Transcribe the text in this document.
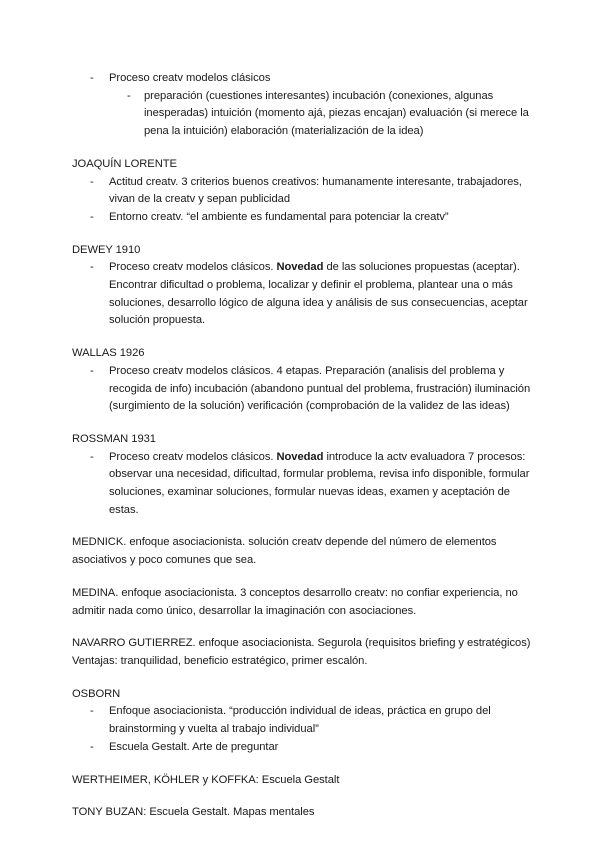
- Proceso creatv modelos clásicos
- preparación (cuestiones interesantes) incubación (conexiones, algunas inesperadas) intuición (momento ajá, piezas encajan) evaluación (si merece la pena la intuición) elaboración (materialización de la idea)
JOAQUÍN LORENTE
- Actitud creatv. 3 criterios buenos creativos: humanamente interesante, trabajadores, vivan de la creatv y sepan publicidad
- Entorno creatv. “el ambiente es fundamental para potenciar la creatv”
DEWEY 1910
- Proceso creatv modelos clásicos. Novedad de las soluciones propuestas (aceptar). Encontrar dificultad o problema, localizar y definir el problema, plantear una o más soluciones, desarrollo lógico de alguna idea y análisis de sus consecuencias, aceptar solución propuesta.
WALLAS 1926
- Proceso creatv modelos clásicos. 4 etapas. Preparación (analisis del problema y recogida de info) incubación (abandono puntual del problema, frustración) iluminación (surgimiento de la solución) verificación (comprobación de la validez de las ideas)
ROSSMAN 1931
- Proceso creatv modelos clásicos. Novedad introduce la actv evaluadora 7 procesos: observar una necesidad, dificultad, formular problema, revisa info disponible, formular soluciones, examinar soluciones, formular nuevas ideas, examen y aceptación de estas.
MEDNICK. enfoque asociacionista. solución creatv depende del número de elementos asociativos y poco comunes que sea.
MEDINA. enfoque asociacionista. 3 conceptos desarrollo creatv: no confiar experiencia, no admitir nada como único, desarrollar la imaginación con asociaciones.
NAVARRO GUTIERREZ. enfoque asociacionista. Segurola (requisitos briefing y estratégicos) Ventajas: tranquilidad, beneficio estratégico, primer escalón.
OSBORN
- Enfoque asociacionista. “producción individual de ideas, práctica en grupo del brainstorming y vuelta al trabajo individual”
- Escuela Gestalt. Arte de preguntar
WERTHEIMER, KÖHLER y KOFFKA: Escuela Gestalt
TONY BUZAN: Escuela Gestalt. Mapas mentales
